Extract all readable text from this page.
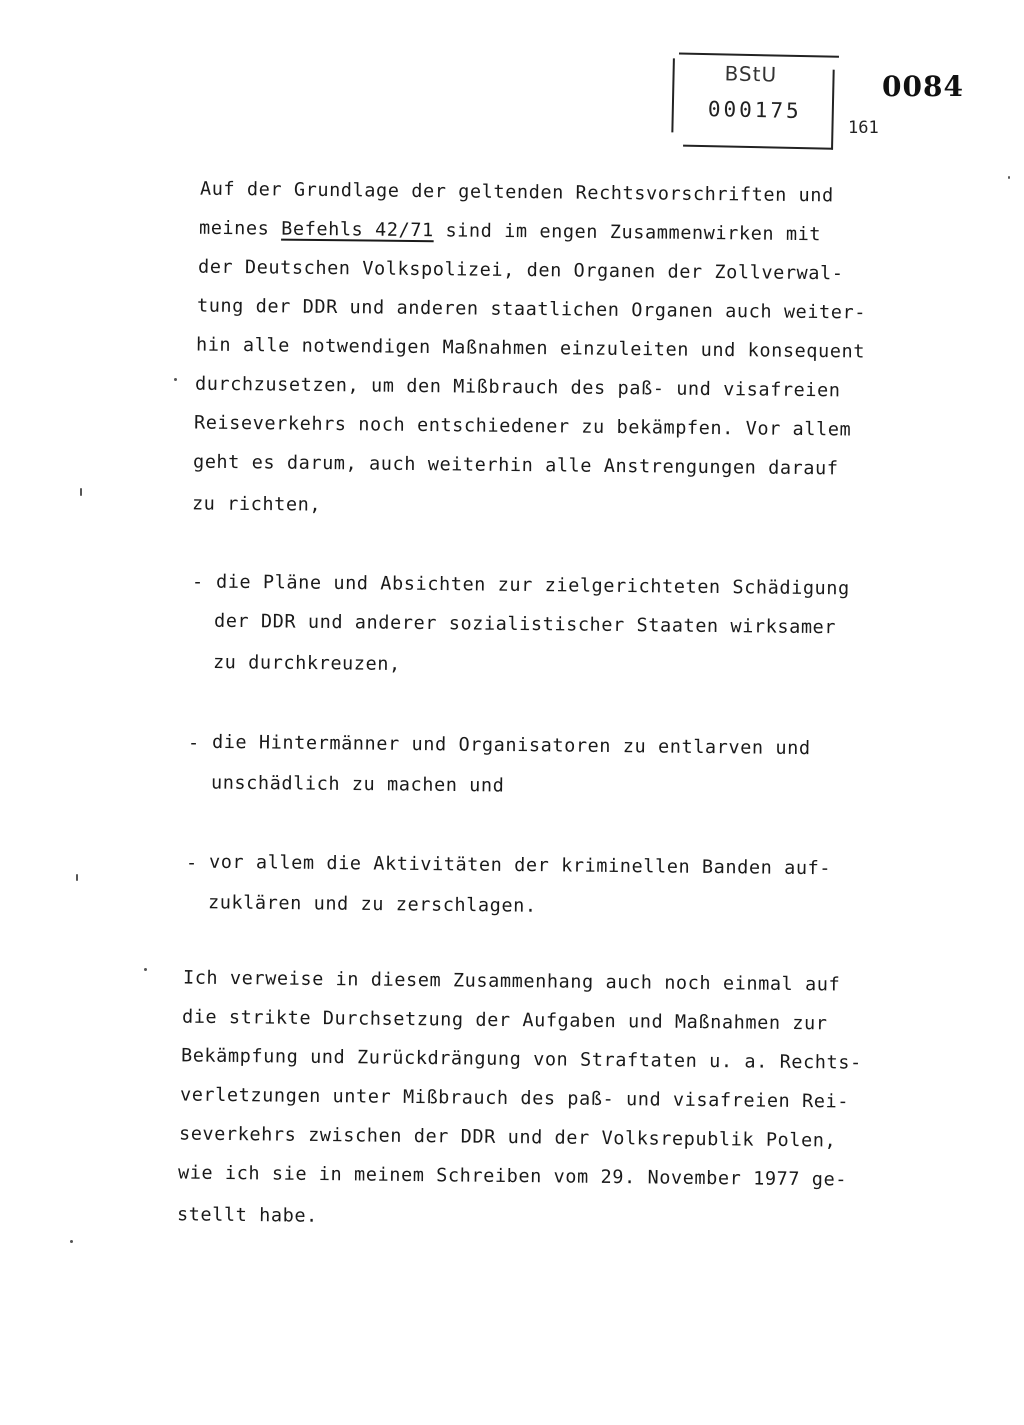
BStU
000175
0084
161
Auf der Grundlage der geltenden Rechtsvorschriften und
meines Befehls 42/71 sind im engen Zusammenwirken mit
der Deutschen Volkspolizei, den Organen der Zollverwal-
tung der DDR und anderen staatlichen Organen auch weiter-
hin alle notwendigen Maßnahmen einzuleiten und konsequent
durchzusetzen, um den Mißbrauch des paß- und visafreien
Reiseverkehrs noch entschiedener zu bekämpfen. Vor allem
geht es darum, auch weiterhin alle Anstrengungen darauf
zu richten,
- die Pläne und Absichten zur zielgerichteten Schädigung
der DDR und anderer sozialistischer Staaten wirksamer
zu durchkreuzen,
- die Hintermänner und Organisatoren zu entlarven und
unschädlich zu machen und
- vor allem die Aktivitäten der kriminellen Banden auf-
zuklären und zu zerschlagen.
Ich verweise in diesem Zusammenhang auch noch einmal auf
die strikte Durchsetzung der Aufgaben und Maßnahmen zur
Bekämpfung und Zurückdrängung von Straftaten u. a. Rechts-
verletzungen unter Mißbrauch des paß- und visafreien Rei-
severkehrs zwischen der DDR und der Volksrepublik Polen,
wie ich sie in meinem Schreiben vom 29. November 1977 ge-
stellt habe.
